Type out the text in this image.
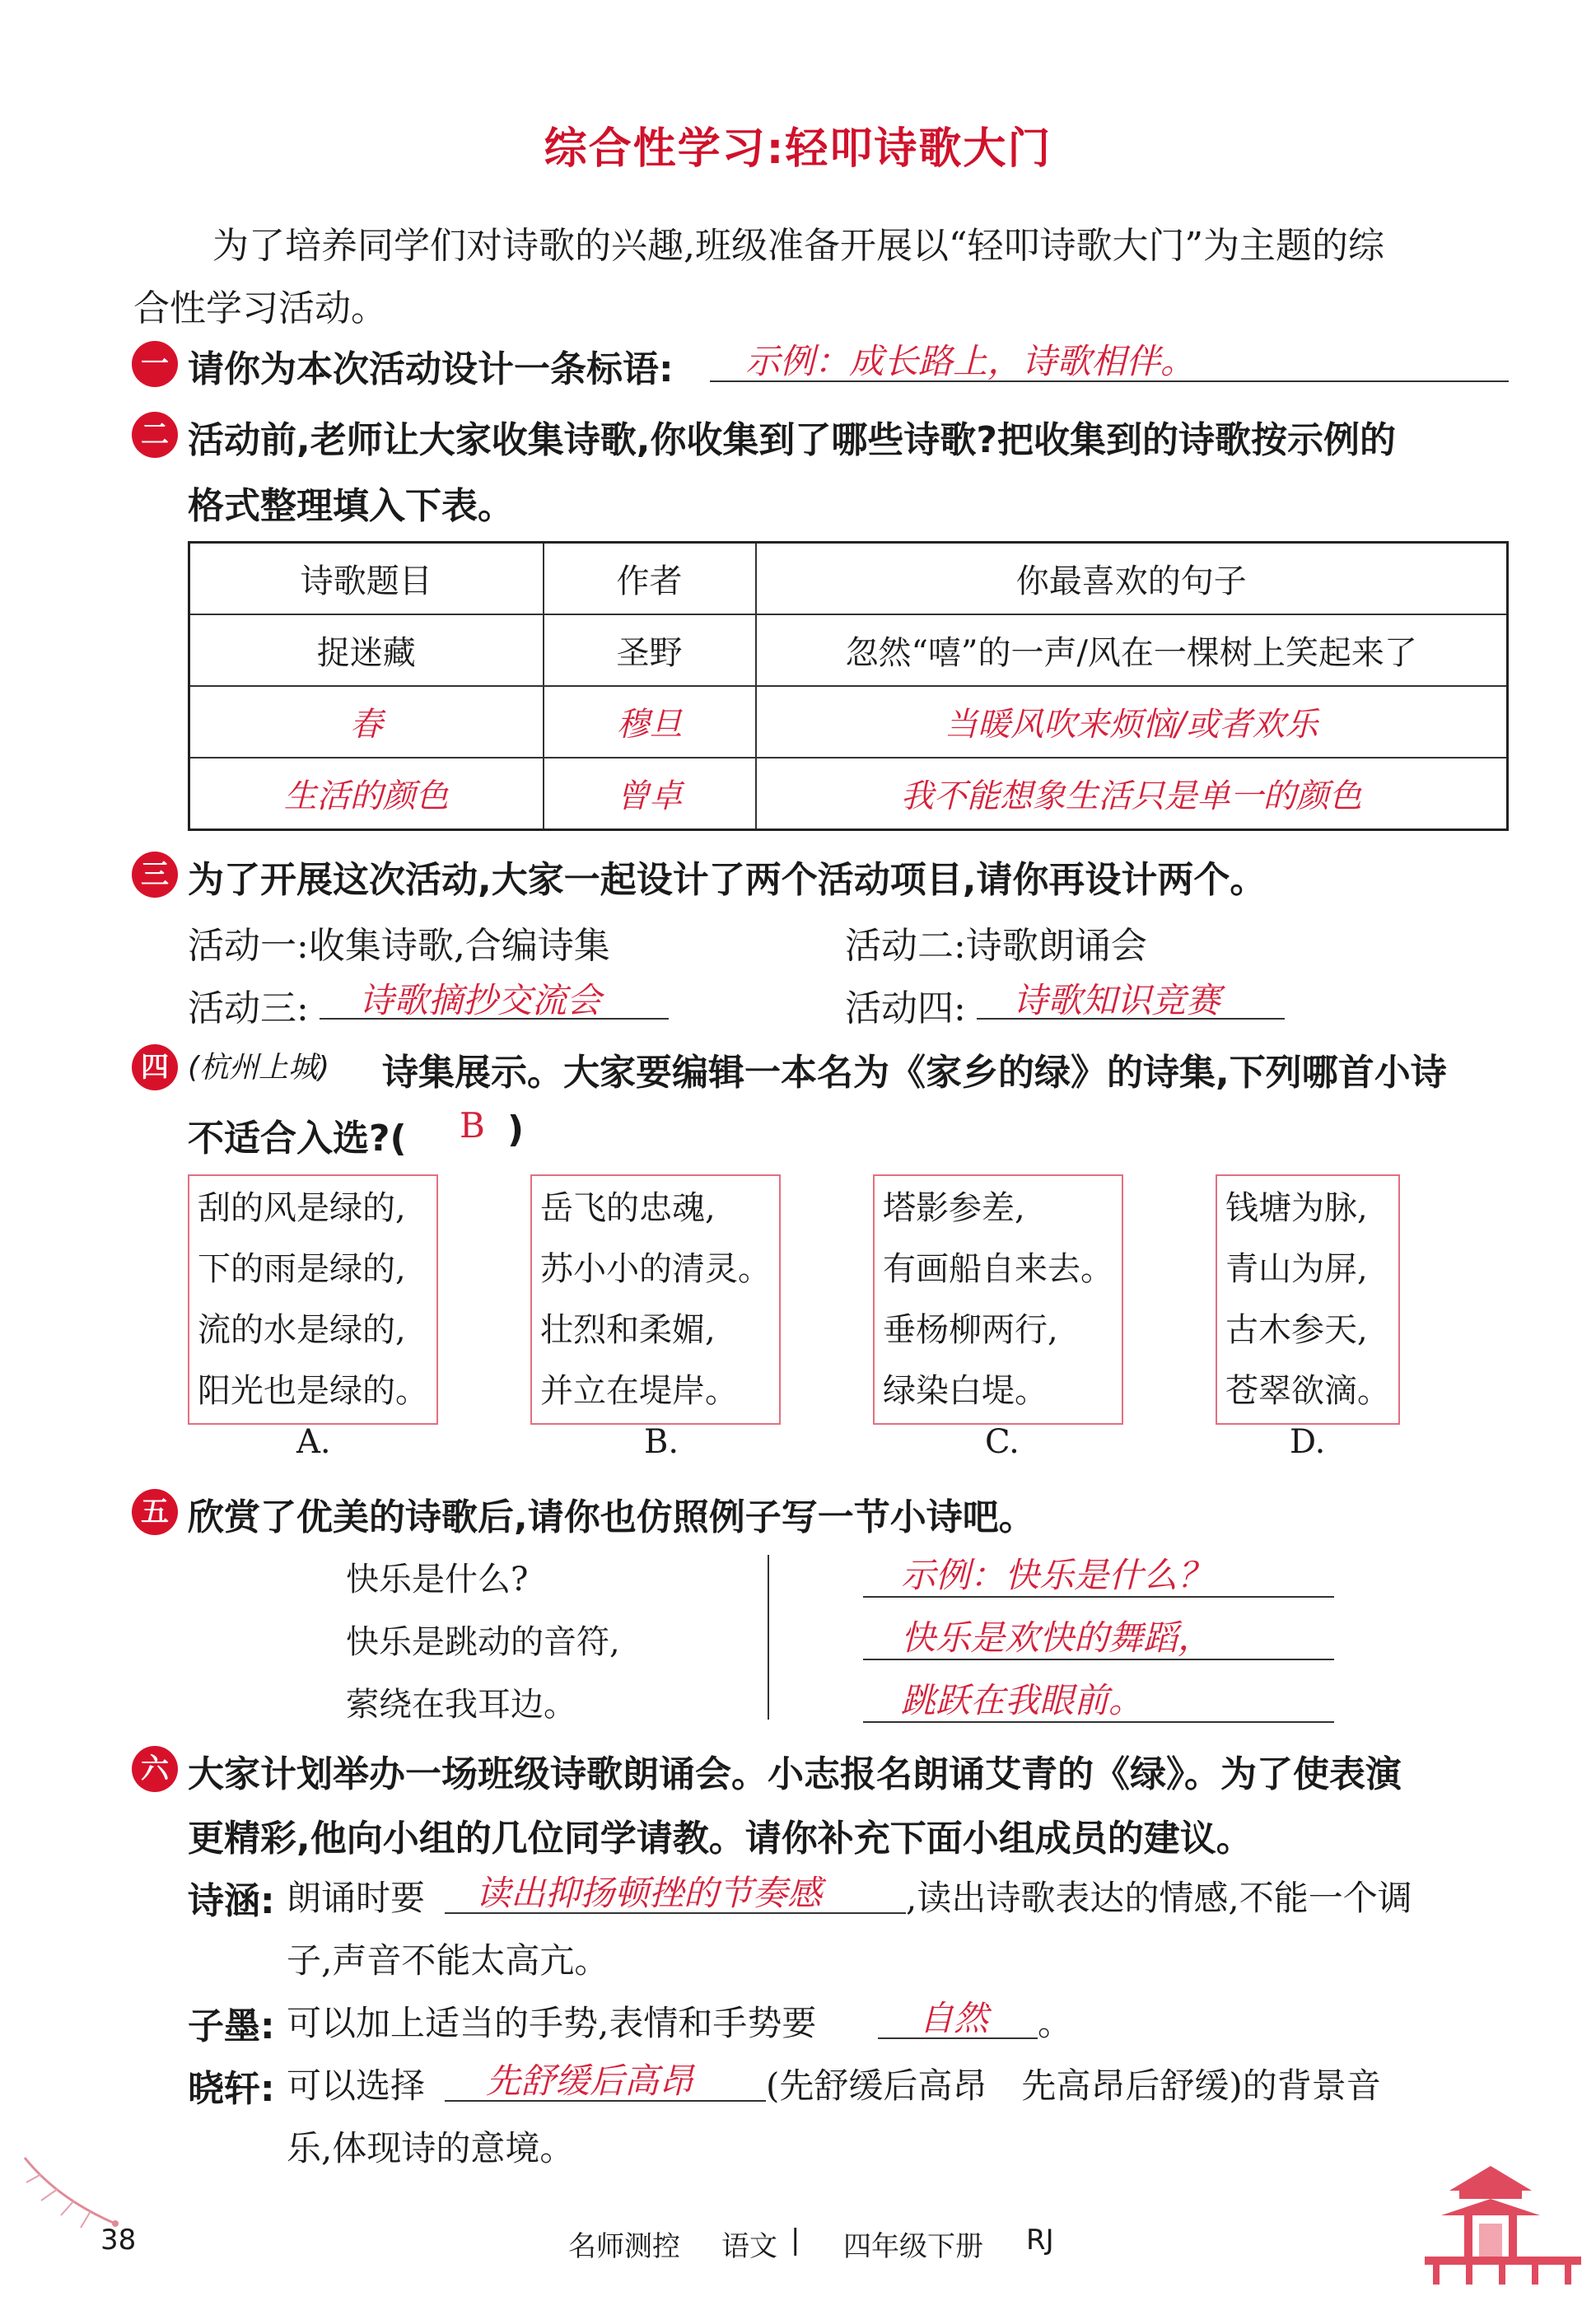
综合性学习:轻叩诗歌大门
为了培养同学们对诗歌的兴趣,班级准备开展以“轻叩诗歌大门”为主题的综
合性学习活动。
一 请你为本次活动设计一条标语: 示例：成长路上，诗歌相伴。
二 活动前,老师让大家收集诗歌,你收集到了哪些诗歌?把收集到的诗歌按示例的
格式整理填入下表。
诗歌题目	作者	你最喜欢的句子
捉迷藏	圣野	忽然“嘻”的一声/风在一棵树上笑起来了
春	穆旦	当暖风吹来烦恼/或者欢乐
生活的颜色	曾卓	我不能想象生活只是单一的颜色
三 为了开展这次活动,大家一起设计了两个活动项目,请你再设计两个。
活动一:收集诗歌,合编诗集	活动二:诗歌朗诵会
活动三: 诗歌摘抄交流会	活动四: 诗歌知识竞赛
四 (杭州上城) 诗集展示。大家要编辑一本名为《家乡的绿》的诗集,下列哪首小诗
不适合入选?( B )
刮的风是绿的,
下的雨是绿的,
流的水是绿的,
阳光也是绿的。
岳飞的忠魂,
苏小小的清灵。
壮烈和柔媚,
并立在堤岸。
塔影参差,
有画船自来去。
垂杨柳两行,
绿染白堤。
钱塘为脉,
青山为屏,
古木参天,
苍翠欲滴。
A.	B.	C.	D.
五 欣赏了优美的诗歌后,请你也仿照例子写一节小诗吧。
快乐是什么?
快乐是跳动的音符,
萦绕在我耳边。
示例：快乐是什么？
快乐是欢快的舞蹈，
跳跃在我眼前。
六 大家计划举办一场班级诗歌朗诵会。小志报名朗诵艾青的《绿》。为了使表演
更精彩,他向小组的几位同学请教。请你补充下面小组成员的建议。
诗涵: 朗诵时要 读出抑扬顿挫的节奏感 ,读出诗歌表达的情感,不能一个调
子,声音不能太高亢。
子墨: 可以加上适当的手势,表情和手势要	自然 。
晓轩: 可以选择 先舒缓后高昂 (先舒缓后高昂　先高昂后舒缓)的背景音
乐,体现诗的意境。
38	名师测控 语文 | 四年级下册 RJ
